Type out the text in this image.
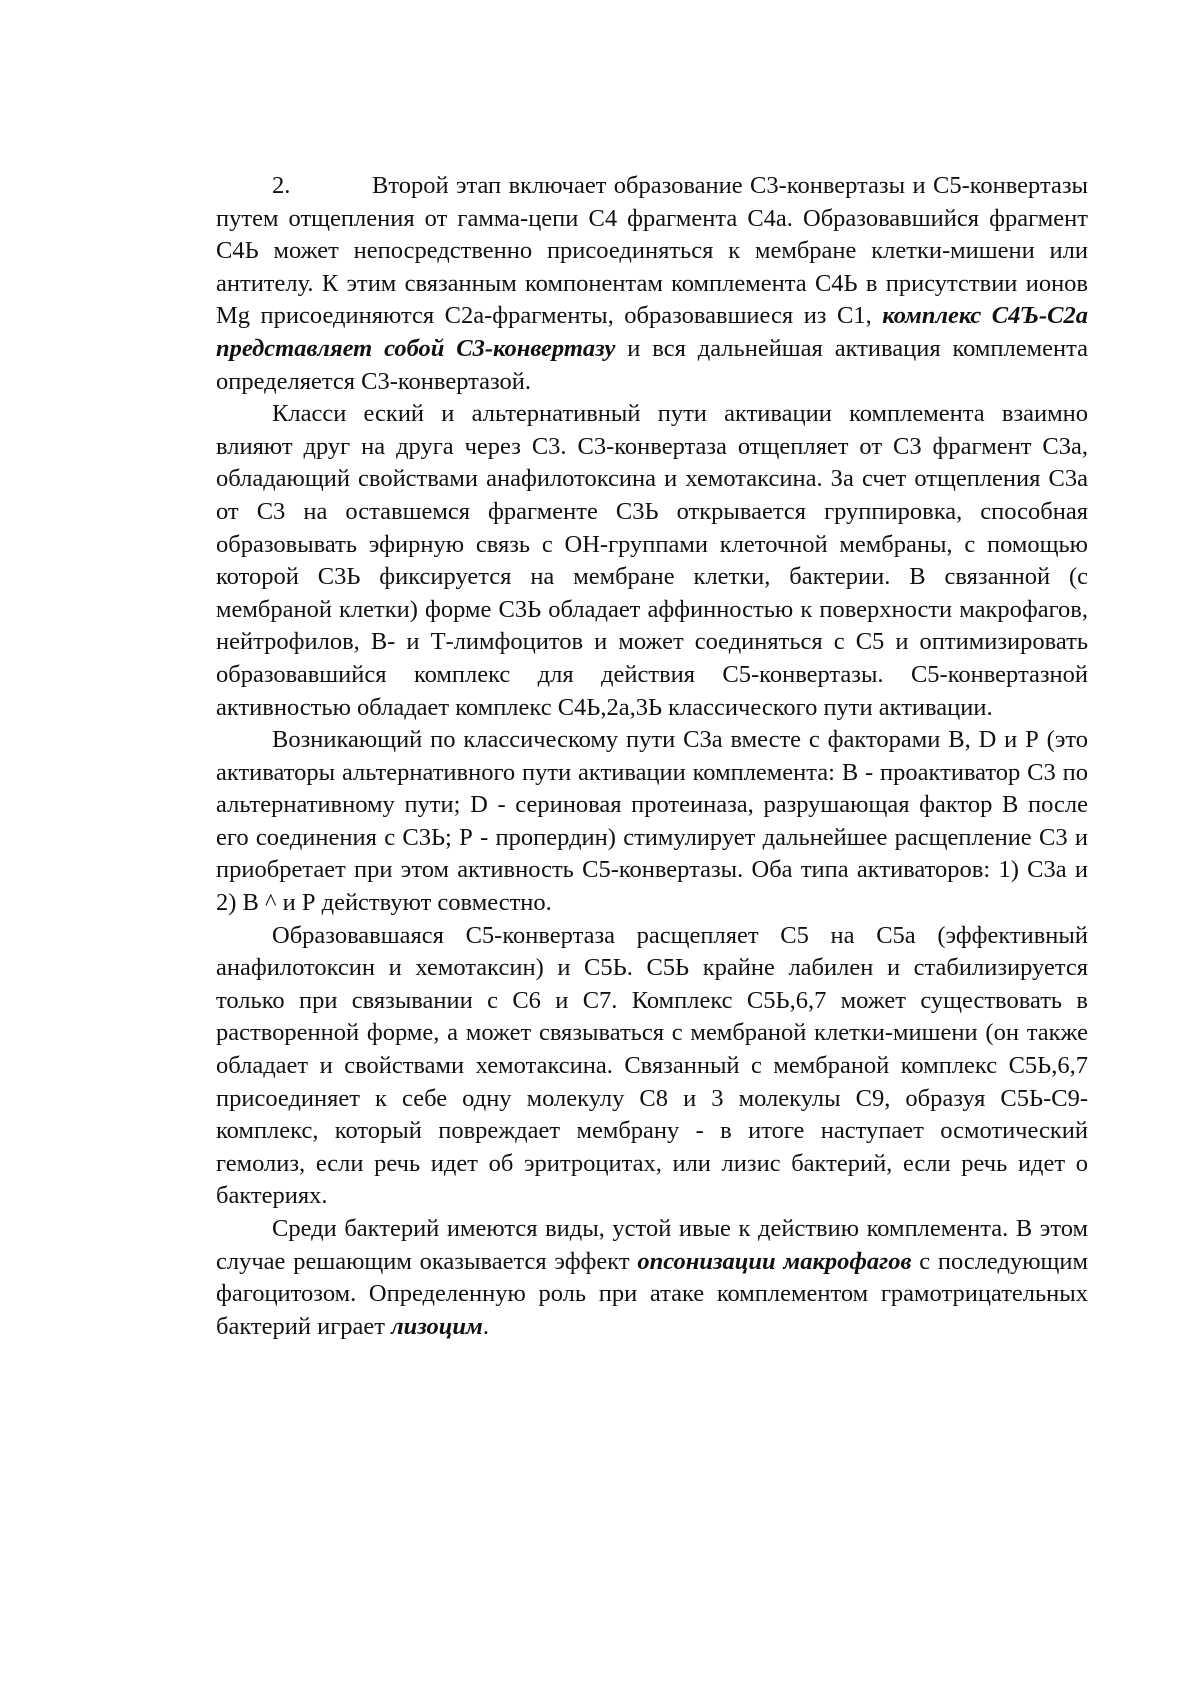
2.	Второй этап включает образование С3-конвертазы и С5-конвертазы путем отщепления от гамма-цепи С4 фрагмента С4а. Образовавшийся фрагмент С4Ь может непосредственно присоединяться к мембране клетки-мишени или антителу. К этим связанным компонентам комплемента С4Ь в присутствии ионов Mg присоединяются С2а-фрагменты, образовавшиеся из С1, комплекс С4Ъ-С2а представляет собой С3-конвертазу и вся дальнейшая активация комплемента определяется С3-конвертазой.

Класси еский и альтернативный пути активации комплемента взаимно влияют друг на друга через С3. С3-конвертаза отщепляет от С3 фрагмент С3а, обладающий свойствами анафилотоксина и хемотаксина. За счет отщепления С3а от С3 на оставшемся фрагменте С3Ь открывается группировка, способная образовывать эфирную связь с ОН-группами клеточной мембраны, с помощью которой С3Ь фиксируется на мембране клетки, бактерии. В связанной (с мембраной клетки) форме С3Ь обладает аффинностью к поверхности макрофагов, нейтрофилов, В- и Т-лимфоцитов и может соединяться с С5 и оптимизировать образовавшийся комплекс для действия С5-конвертазы. С5-конвертазной активностью обладает комплекс С4Ь,2а,3Ь классического пути активации.

Возникающий по классическому пути С3а вместе с факторами В, D и Р (это активаторы альтернативного пути активации комплемента: В - проактиватор С3 по альтернативному пути; D - сериновая протеиназа, разрушающая фактор В после его соединения с С3Ь; Р - пропердин) стимулирует дальнейшее расщепление С3 и приобретает при этом активность С5-конвертазы. Оба типа активаторов: 1) С3а и 2) В ^ и Р действуют совместно.

Образовавшаяся С5-конвертаза расщепляет С5 на С5а (эффективный анафилотоксин и хемотаксин) и С5Ь. С5Ь крайне лабилен и стабилизируется только при связывании с С6 и С7. Комплекс С5Ь,6,7 может существовать в растворенной форме, а может связываться с мембраной клетки-мишени (он также обладает и свойствами хемотаксина. Связанный с мембраной комплекс С5Ь,6,7 присоединяет к себе одну молекулу С8 и 3 молекулы С9, образуя С5Ь-С9-комплекс, который повреждает мембрану - в итоге наступает осмотический гемолиз, если речь идет об эритроцитах, или лизис бактерий, если речь идет о бактериях.

Среди бактерий имеются виды, устой ивые к действию комплемента. В этом случае решающим оказывается эффект опсонизации макрофагов с последующим фагоцитозом. Определенную роль при атаке комплементом грамотрицательных бактерий играет лизоцим.
